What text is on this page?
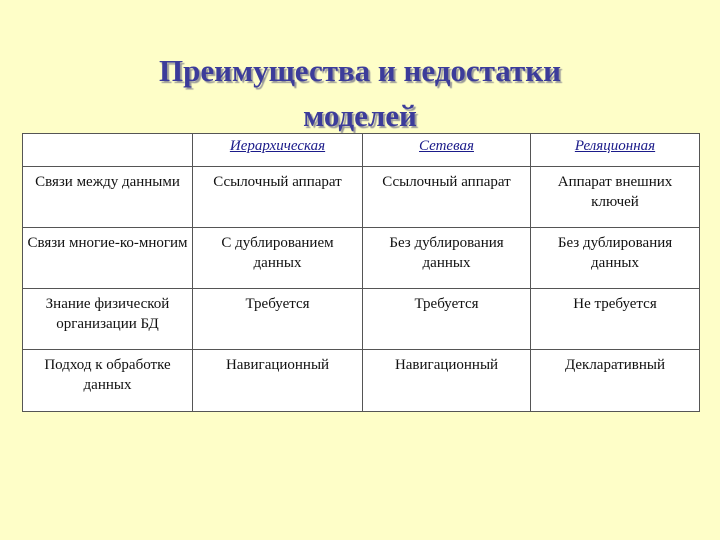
Преимущества и недостатки
моделей
	Иерархическая	Сетевая	Реляционная
Связи между данными	Ссылочный аппарат	Ссылочный аппарат	Аппарат внешних ключей
Связи многие-ко-многим	С дублированием данных	Без дублирования данных	Без дублирования данных
Знание физической организации БД	Требуется	Требуется	Не требуется
Подход к обработке данных	Навигационный	Навигационный	Декларативный
